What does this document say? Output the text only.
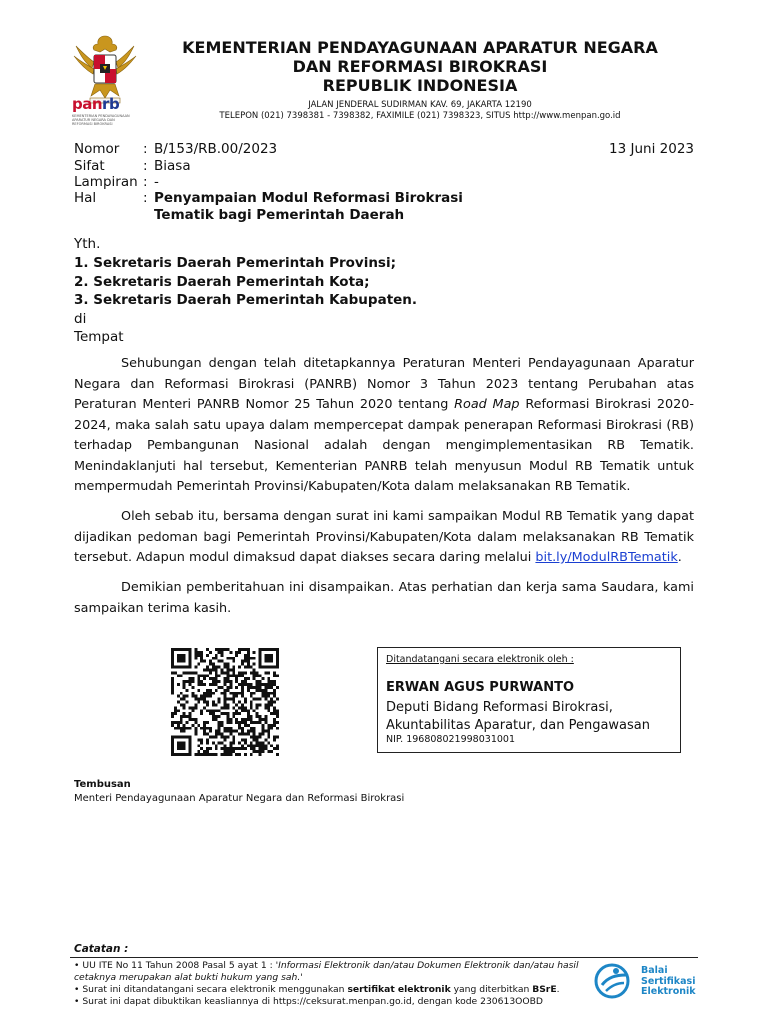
panrb
KEMENTERIAN PENDAYAGUNAAN APARATUR NEGARA DAN REFORMASI BIROKRASI
KEMENTERIAN PENDAYAGUNAAN APARATUR NEGARA
DAN REFORMASI BIROKRASI
REPUBLIK INDONESIA
JALAN JENDERAL SUDIRMAN KAV. 69, JAKARTA 12190
TELEPON (021) 7398381 - 7398382, FAXIMILE (021) 7398323, SITUS http://www.menpan.go.id
Nomor : B/153/RB.00/2023	13 Juni 2023
Sifat	: Biasa
Lampiran : -
Hal	: Penyampaian Modul Reformasi Birokrasi
Tematik bagi Pemerintah Daerah
Yth.
1. Sekretaris Daerah Pemerintah Provinsi;
2. Sekretaris Daerah Pemerintah Kota;
3. Sekretaris Daerah Pemerintah Kabupaten.
di
Tempat

Sehubungan dengan telah ditetapkannya Peraturan Menteri Pendayagunaan Aparatur Negara dan Reformasi Birokrasi (PANRB) Nomor 3 Tahun 2023 tentang Perubahan atas Peraturan Menteri PANRB Nomor 25 Tahun 2020 tentang Road Map Reformasi Birokrasi 2020-2024, maka salah satu upaya dalam mempercepat dampak penerapan Reformasi Birokrasi (RB) terhadap Pembangunan Nasional adalah dengan mengimplementasikan RB Tematik. Menindaklanjuti hal tersebut, Kementerian PANRB telah menyusun Modul RB Tematik untuk mempermudah Pemerintah Provinsi/Kabupaten/Kota dalam melaksanakan RB Tematik.

Oleh sebab itu, bersama dengan surat ini kami sampaikan Modul RB Tematik yang dapat dijadikan pedoman bagi Pemerintah Provinsi/Kabupaten/Kota dalam melaksanakan RB Tematik tersebut. Adapun modul dimaksud dapat diakses secara daring melalui bit.ly/ModulRBTematik.

Demikian pemberitahuan ini disampaikan. Atas perhatian dan kerja sama Saudara, kami sampaikan terima kasih.

Ditandatangani secara elektronik oleh :
ERWAN AGUS PURWANTO
Deputi Bidang Reformasi Birokrasi, Akuntabilitas Aparatur, dan Pengawasan
NIP. 196808021998031001
Tembusan
Menteri Pendayagunaan Aparatur Negara dan Reformasi Birokrasi
Catatan :
• UU ITE No 11 Tahun 2008 Pasal 5 ayat 1 : 'Informasi Elektronik dan/atau Dokumen Elektronik dan/atau hasil cetaknya merupakan alat bukti hukum yang sah.'
• Surat ini ditandatangani secara elektronik menggunakan sertifikat elektronik yang diterbitkan BSrE.
• Surat ini dapat dibuktikan keasliannya di https://ceksurat.menpan.go.id, dengan kode 230613OOBD
Balai
Sertifikasi
Elektronik
